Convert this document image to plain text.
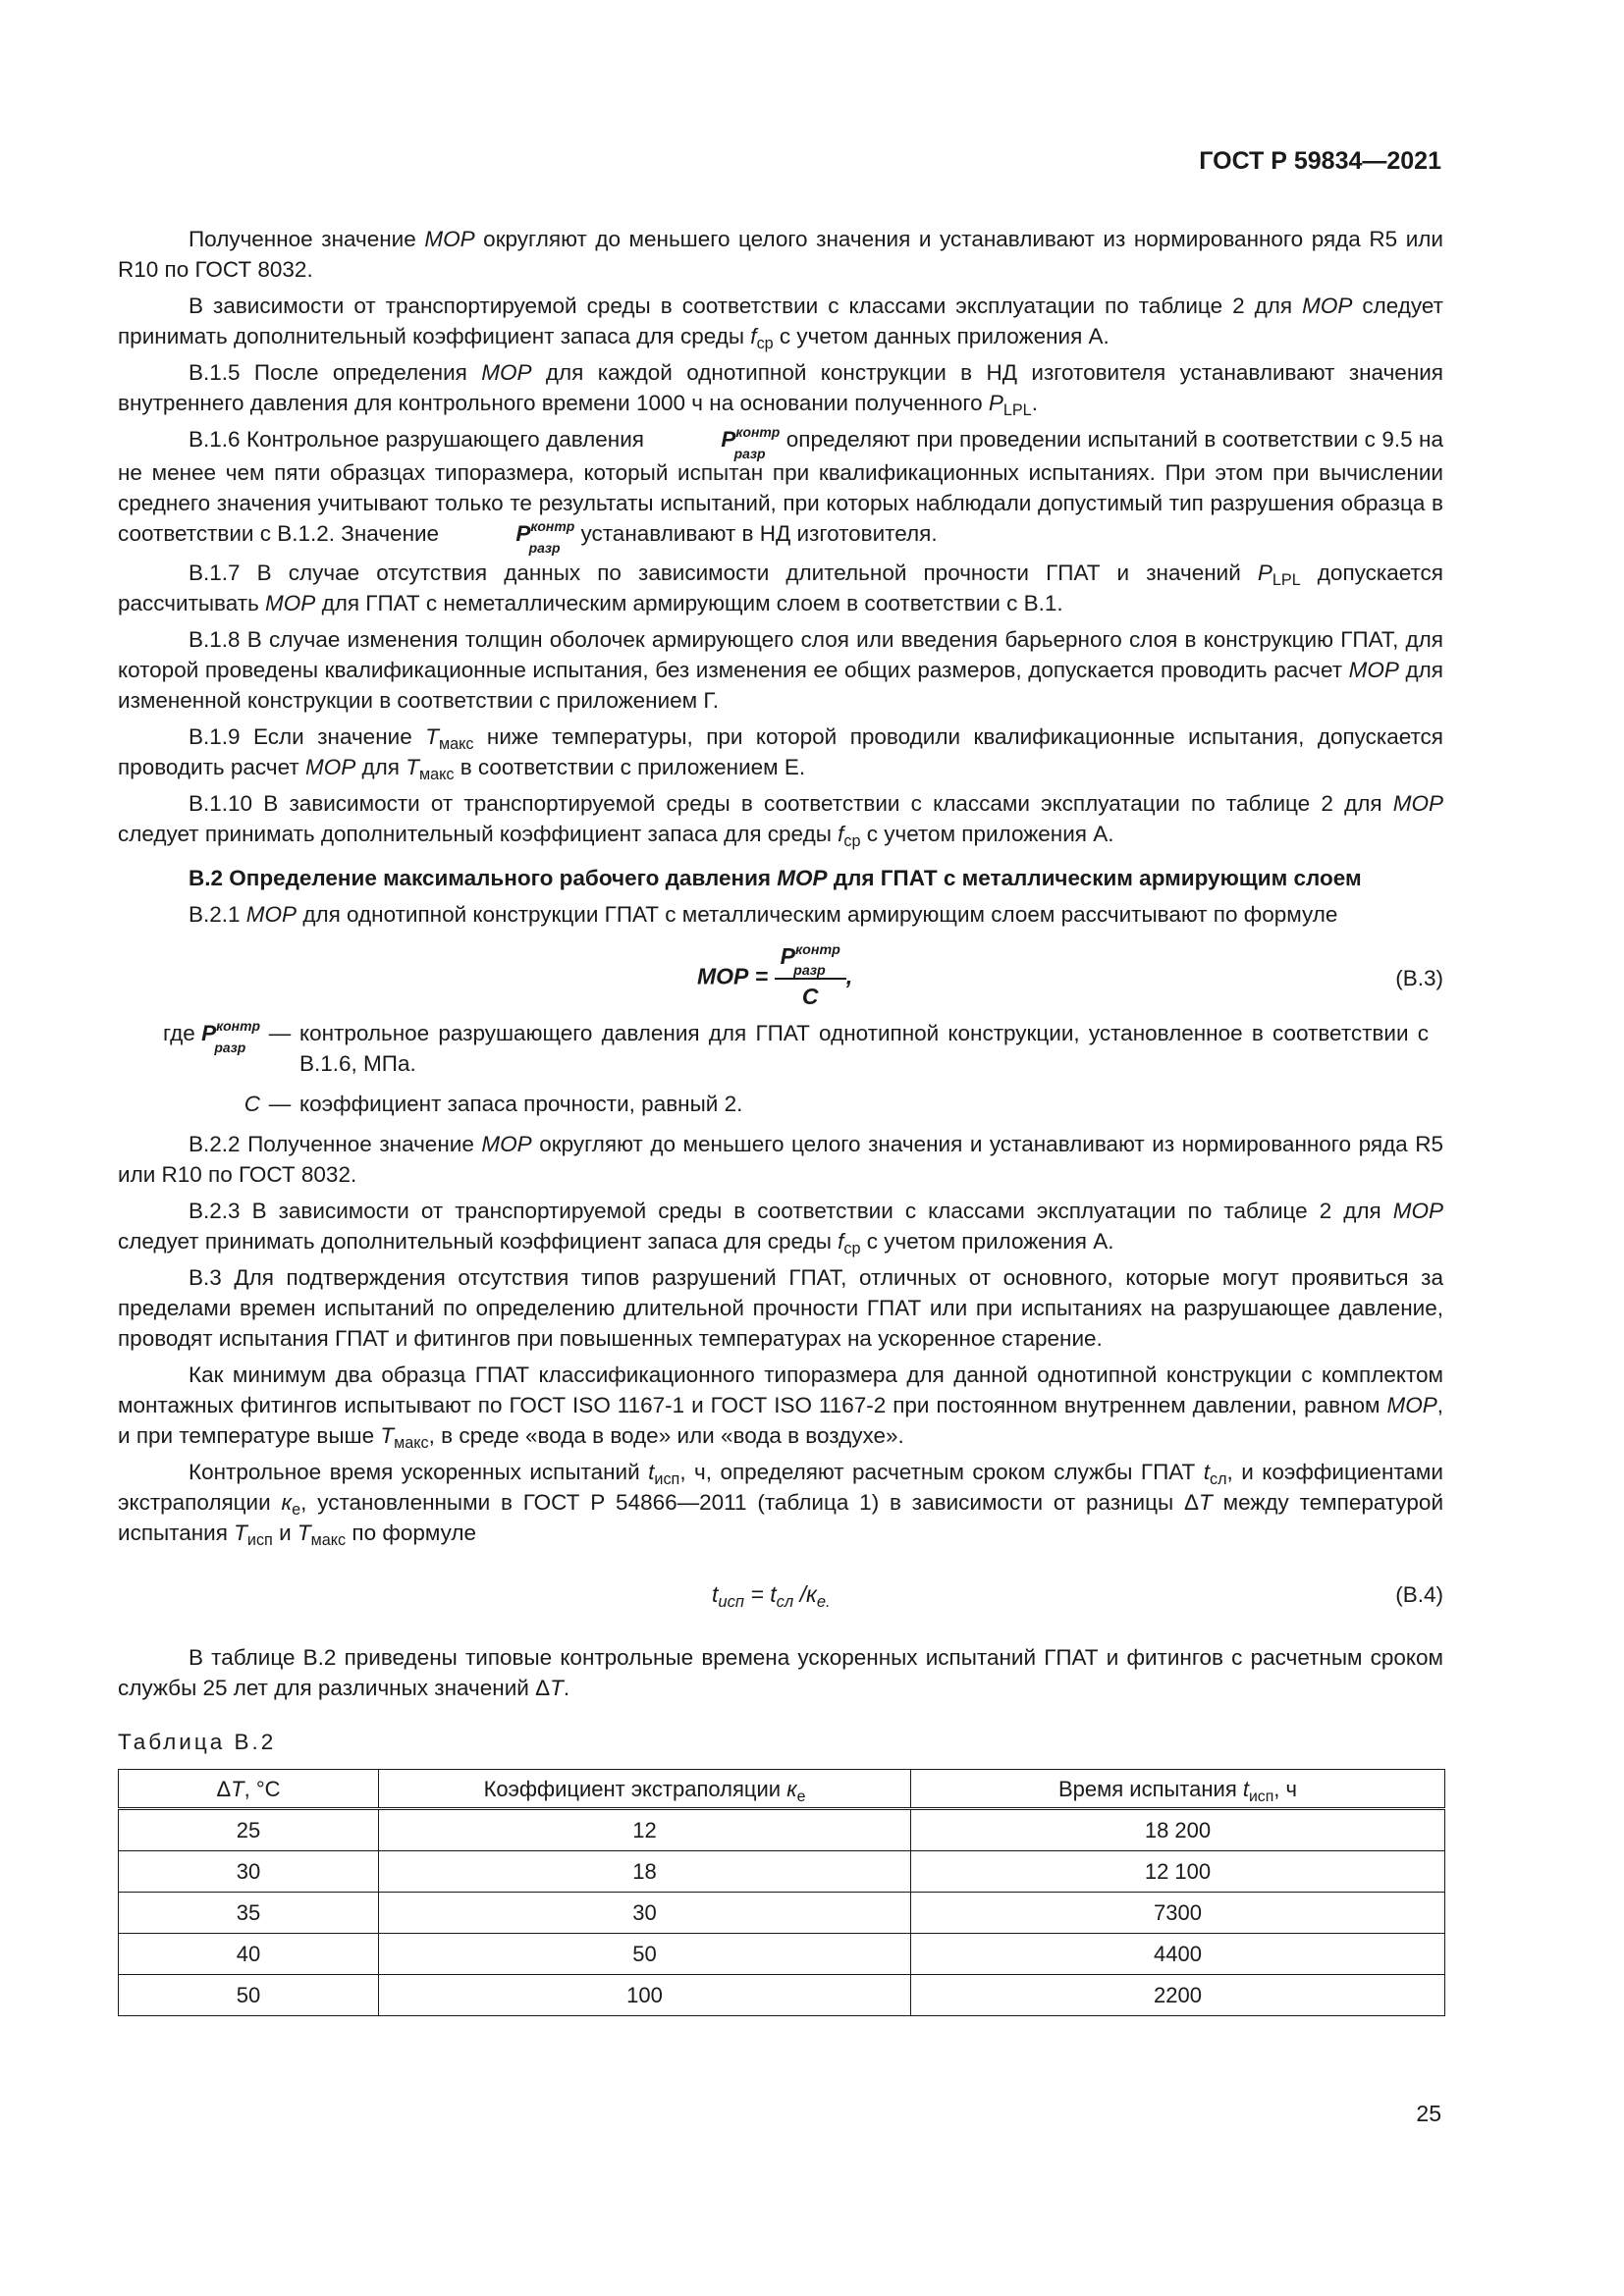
ГОСТ Р 59834—2021

Полученное значение МОР округляют до меньшего целого значения и устанавливают из нормированного ряда R5 или R10 по ГОСТ 8032.

В зависимости от транспортируемой среды в соответствии с классами эксплуатации по таблице 2 для МОР следует принимать дополнительный коэффициент запаса для среды $f_{ср}$ с учетом данных приложения А.

В.1.5 После определения МОР для каждой однотипной конструкции в НД изготовителя устанавливают значения внутреннего давления для контрольного времени 1000 ч на основании полученного $P_{LPL}$.

В.1.6 Контрольное разрушающего давления	$P^{контр}$
разр
определяют при проведении испытаний в соответствии с 9.5 на не менее чем пяти образцах типоразмера, который испытан при квалификационных испытаниях. При этом при вычислении среднего значения учитывают только те результаты испытаний, при которых наблюдали допустимый тип разрушения образца в соответствии с В.1.2. Значение	$P^{контр}$
разр
устанавливают в НД изготовителя.

В.1.7 В случае отсутствия данных по зависимости длительной прочности ГПАТ и значений $P_{LPL}$ допускается рассчитывать МОР для ГПАТ с неметаллическим армирующим слоем в соответствии с В.1.

В.1.8 В случае изменения толщин оболочек армирующего слоя или введения барьерного слоя в конструкцию ГПАТ, для которой проведены квалификационные испытания, без изменения ее общих размеров, допускается проводить расчет МОР для измененной конструкции в соответствии с приложением Г.

В.1.9 Если значение $T_{макс}$ ниже температуры, при которой проводили квалификационные испытания, допускается проводить расчет МОР для $T_{макс}$ в соответствии с приложением Е.

В.1.10 В зависимости от транспортируемой среды в соответствии с классами эксплуатации по таблице 2 для МОР следует принимать дополнительный коэффициент запаса для среды $f_{ср}$ с учетом приложения А.

В.2 Определение максимального рабочего давления МОР для ГПАТ с металлическим армирующим слоем

В.2.1 МОР для однотипной конструкции ГПАТ с металлическим армирующим слоем рассчитывают по формуле

МОР = $P^{контр}$
разр
C ,	(В.3)
где $P^{контр}$
разр
— контрольное разрушающего давления для ГПАТ однотипной конструкции, установленное в соответствии с В.1.6, МПа.
C — коэффициент запаса прочности, равный 2.

В.2.2 Полученное значение МОР округляют до меньшего целого значения и устанавливают из нормированного ряда R5 или R10 по ГОСТ 8032.

В.2.3 В зависимости от транспортируемой среды в соответствии с классами эксплуатации по таблице 2 для МОР следует принимать дополнительный коэффициент запаса для среды $f_{ср}$ с учетом приложения А.

В.3 Для подтверждения отсутствия типов разрушений ГПАТ, отличных от основного, которые могут проявиться за пределами времен испытаний по определению длительной прочности ГПАТ или при испытаниях на разрушающее давление, проводят испытания ГПАТ и фитингов при повышенных температурах на ускоренное старение.

Как минимум два образца ГПАТ классификационного типоразмера для данной однотипной конструкции с комплектом монтажных фитингов испытывают по ГОСТ ISO 1167-1 и ГОСТ ISO 1167-2 при постоянном внутреннем давлении, равном МОР, и при температуре выше $T_{макс}$, в среде «вода в воде» или «вода в воздухе».

Контрольное время ускоренных испытаний $t_{исп}$, ч, определяют расчетным сроком службы ГПАТ $t_{сл}$, и коэффициентами экстраполяции $к_е$, установленными в ГОСТ Р 54866—2011 (таблица 1) в зависимости от разницы ΔT между температурой испытания $T_{исп}$ и $T_{макс}$ по формуле

$t_{исп} = t_{сл}$ $/к_{е.}$	(В.4)

В таблице В.2 приведены типовые контрольные времена ускоренных испытаний ГПАТ и фитингов с расчетным сроком службы 25 лет для различных значений ΔT.

Таблица В.2
ΔT, °C	Коэффициент экстраполяции $к_е$	Время испытания $t_{исп}$, ч
25	12	18 200
30	18	12 100
35	30	7300
40	50	4400
50	100	2200
25
